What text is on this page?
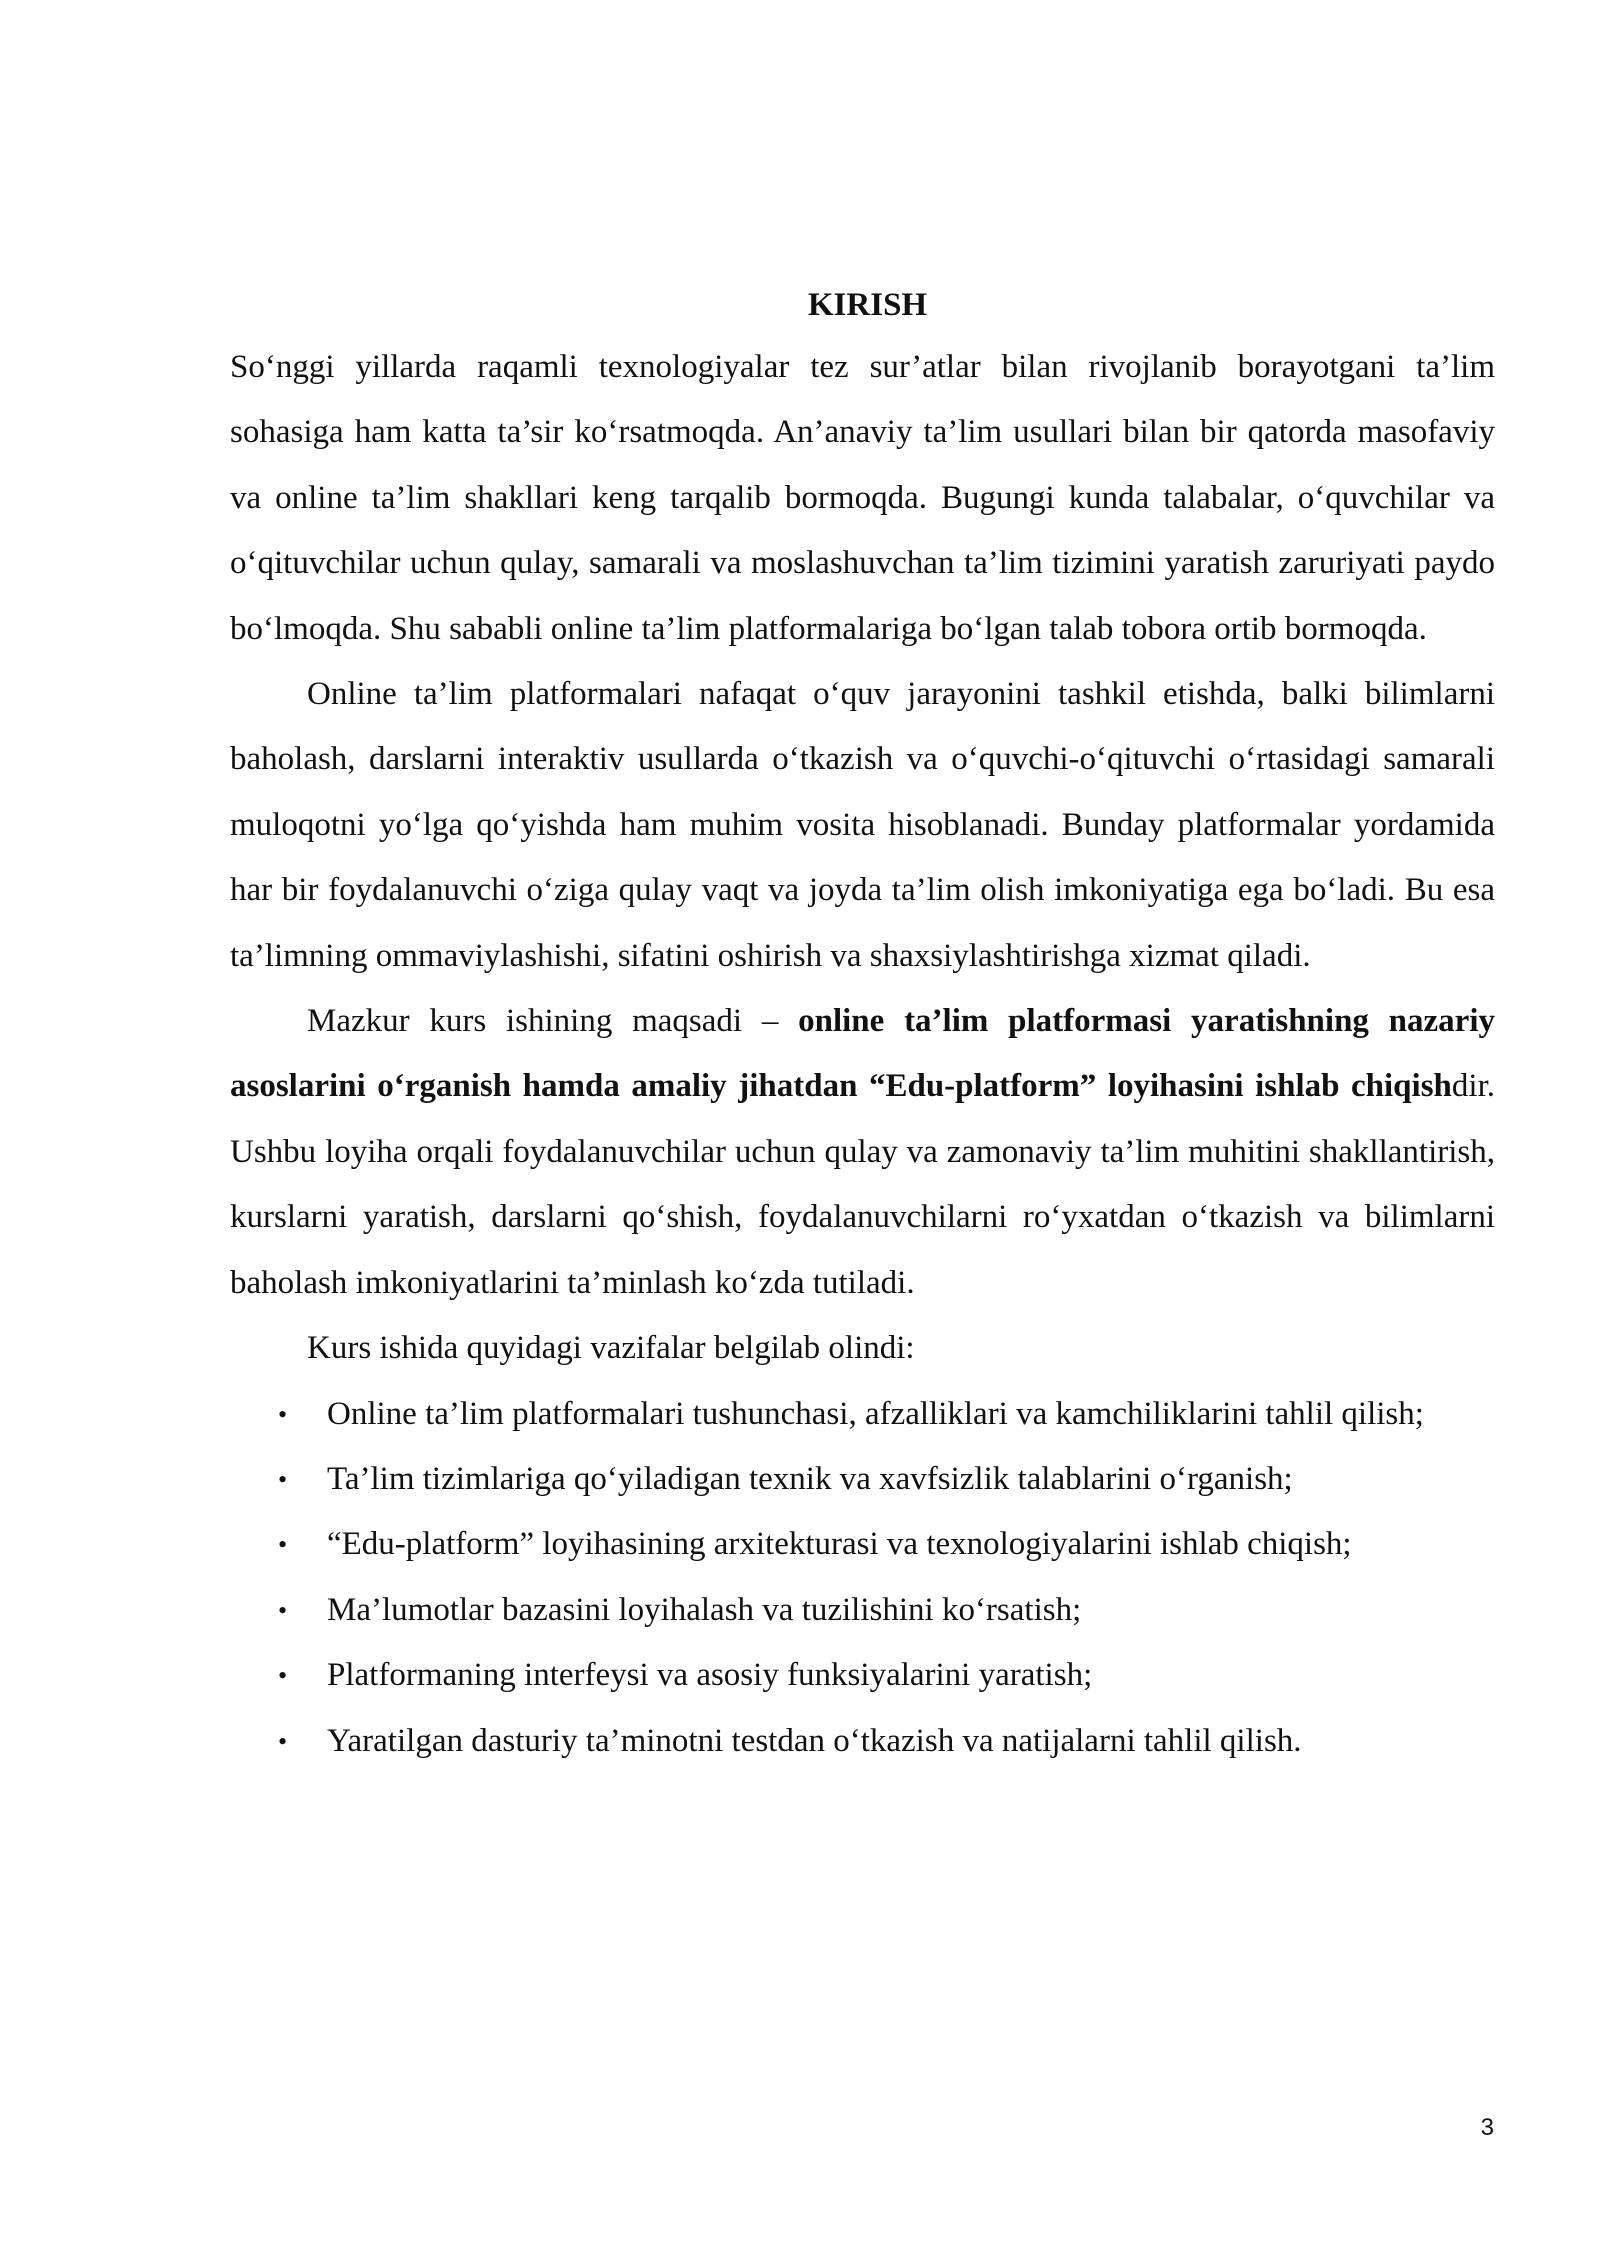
KIRISH

So‘nggi yillarda raqamli texnologiyalar tez sur’atlar bilan rivojlanib borayotgani ta’lim sohasiga ham katta ta’sir ko‘rsatmoqda. An’anaviy ta’lim usullari bilan bir qatorda masofaviy va online ta’lim shakllari keng tarqalib bormoqda. Bugungi kunda talabalar, o‘quvchilar va o‘qituvchilar uchun qulay, samarali va moslashuvchan ta’lim tizimini yaratish zaruriyati paydo bo‘lmoqda. Shu sababli online ta’lim platformalariga bo‘lgan talab tobora ortib bormoqda.

Online ta’lim platformalari nafaqat o‘quv jarayonini tashkil etishda, balki bilimlarni baholash, darslarni interaktiv usullarda o‘tkazish va o‘quvchi-o‘qituvchi o‘rtasidagi samarali muloqotni yo‘lga qo‘yishda ham muhim vosita hisoblanadi. Bunday platformalar yordamida har bir foydalanuvchi o‘ziga qulay vaqt va joyda ta’lim olish imkoniyatiga ega bo‘ladi. Bu esa ta’limning ommaviylashishi, sifatini oshirish va shaxsiylashtirishga xizmat qiladi.

Mazkur kurs ishining maqsadi – online ta’lim platformasi yaratishning nazariy asoslarini o‘rganish hamda amaliy jihatdan “Edu-platform” loyihasini ishlab chiqishdir. Ushbu loyiha orqali foydalanuvchilar uchun qulay va zamonaviy ta’lim muhitini shakllantirish, kurslarni yaratish, darslarni qo‘shish, foydalanuvchilarni ro‘yxatdan o‘tkazish va bilimlarni baholash imkoniyatlarini ta’minlash ko‘zda tutiladi.

Kurs ishida quyidagi vazifalar belgilab olindi:

• Online ta’lim platformalari tushunchasi, afzalliklari va kamchiliklarini tahlil qilish;
• Ta’lim tizimlariga qo‘yiladigan texnik va xavfsizlik talablarini o‘rganish;
• “Edu-platform” loyihasining arxitekturasi va texnologiyalarini ishlab chiqish;
• Ma’lumotlar bazasini loyihalash va tuzilishini ko‘rsatish;
• Platformaning interfeysi va asosiy funksiyalarini yaratish;
• Yaratilgan dasturiy ta’minotni testdan o‘tkazish va natijalarni tahlil qilish.
3
